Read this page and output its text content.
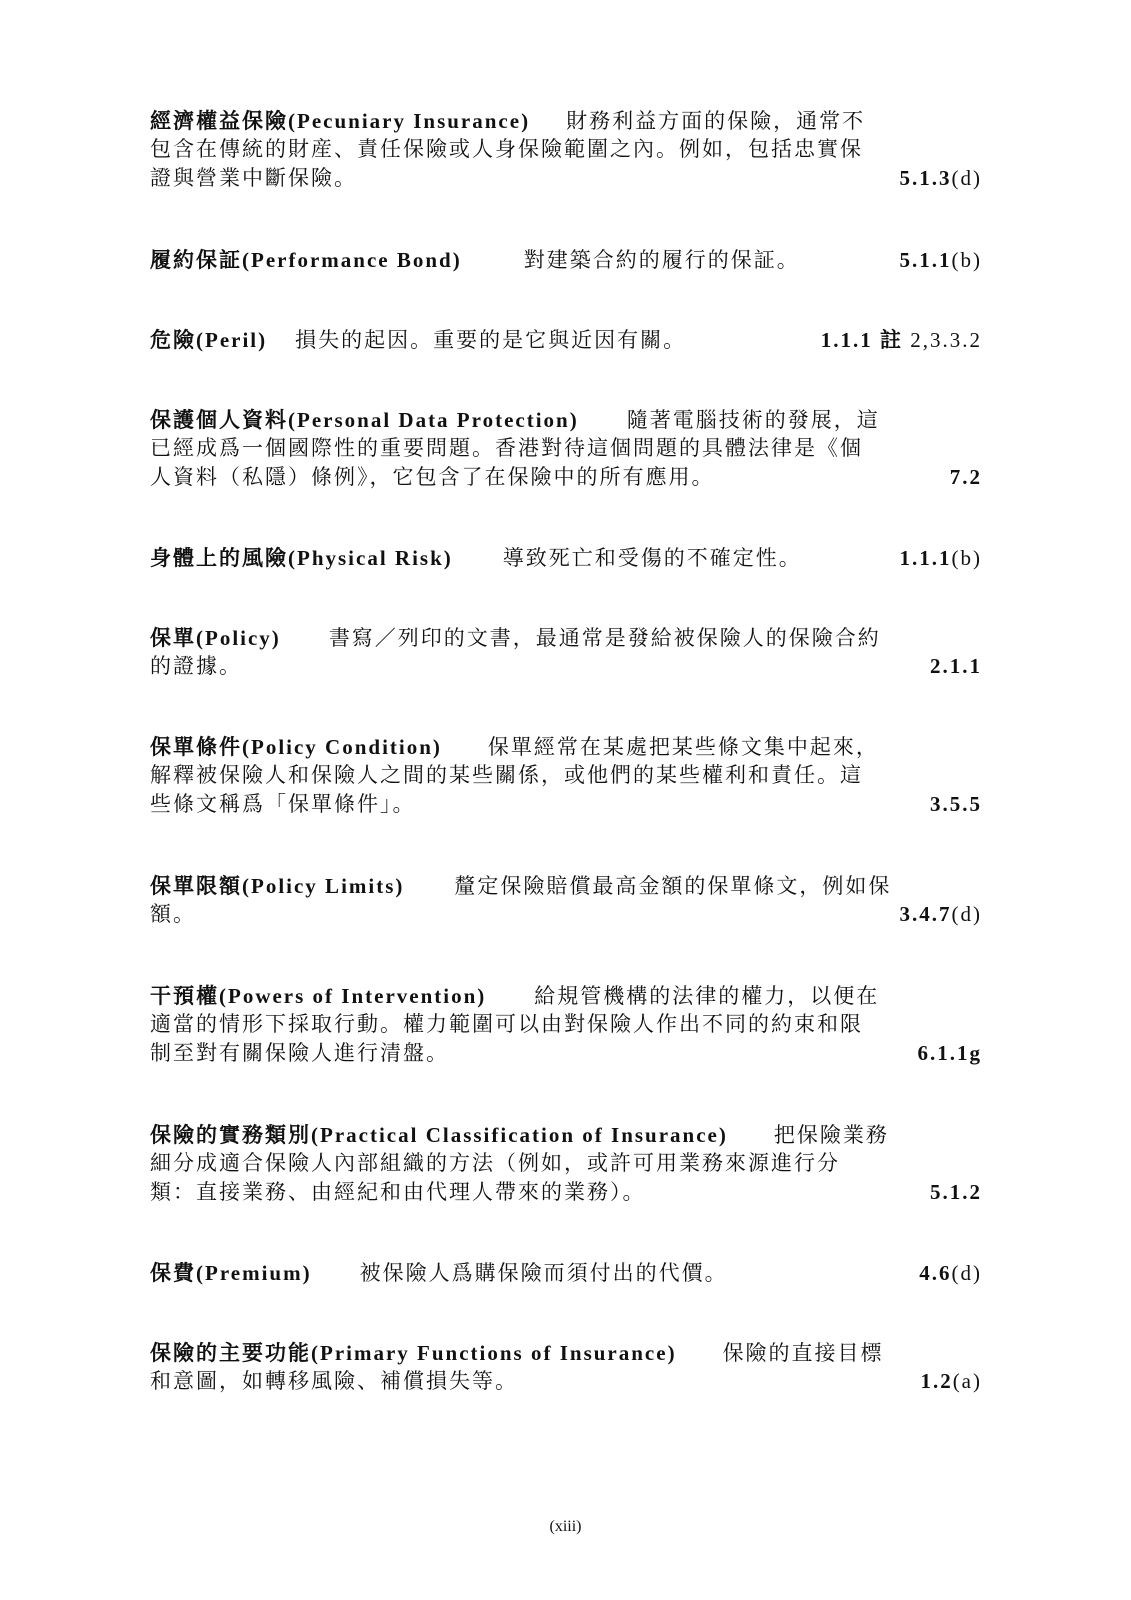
經濟權益保險(Pecuniary Insurance) 財務利益方面的保險，通常不
包含在傳統的財産、責任保險或人身保險範圍之內。例如，包括忠實保
證與營業中斷保險。	5.1.3(d)
履約保証(Performance Bond)	對建築合約的履行的保証。	5.1.1(b)
危險(Peril) 損失的起因。重要的是它與近因有關。	1.1.1 註 2,3.3.2
保護個人資料(Personal Data Protection) 隨著電腦技術的發展，這
已經成爲一個國際性的重要問題。香港對待這個問題的具體法律是《個
人資料（私隱）條例》，它包含了在保險中的所有應用。	7.2
身體上的風險(Physical Risk) 導致死亡和受傷的不確定性。	1.1.1(b)
保單(Policy) 書寫／列印的文書，最通常是發給被保險人的保險合約
的證據。	2.1.1
保單條件(Policy Condition) 保單經常在某處把某些條文集中起來，
解釋被保險人和保險人之間的某些關係，或他們的某些權利和責任。這
些條文稱爲「保單條件」。	3.5.5
保單限額(Policy Limits) 釐定保險賠償最高金額的保單條文，例如保
額。	3.4.7(d)
干預權(Powers of Intervention) 給規管機構的法律的權力，以便在
適當的情形下採取行動。權力範圍可以由對保險人作出不同的約束和限
制至對有關保險人進行清盤。	6.1.1g
保險的實務類別(Practical Classification of Insurance) 把保險業務
細分成適合保險人內部組織的方法（例如，或許可用業務來源進行分
類：直接業務、由經紀和由代理人帶來的業務）。	5.1.2
保費(Premium) 被保險人爲購保險而須付出的代價。	4.6(d)
保險的主要功能(Primary Functions of Insurance) 保險的直接目標
和意圖，如轉移風險、補償損失等。	1.2(a)
(xiii)
